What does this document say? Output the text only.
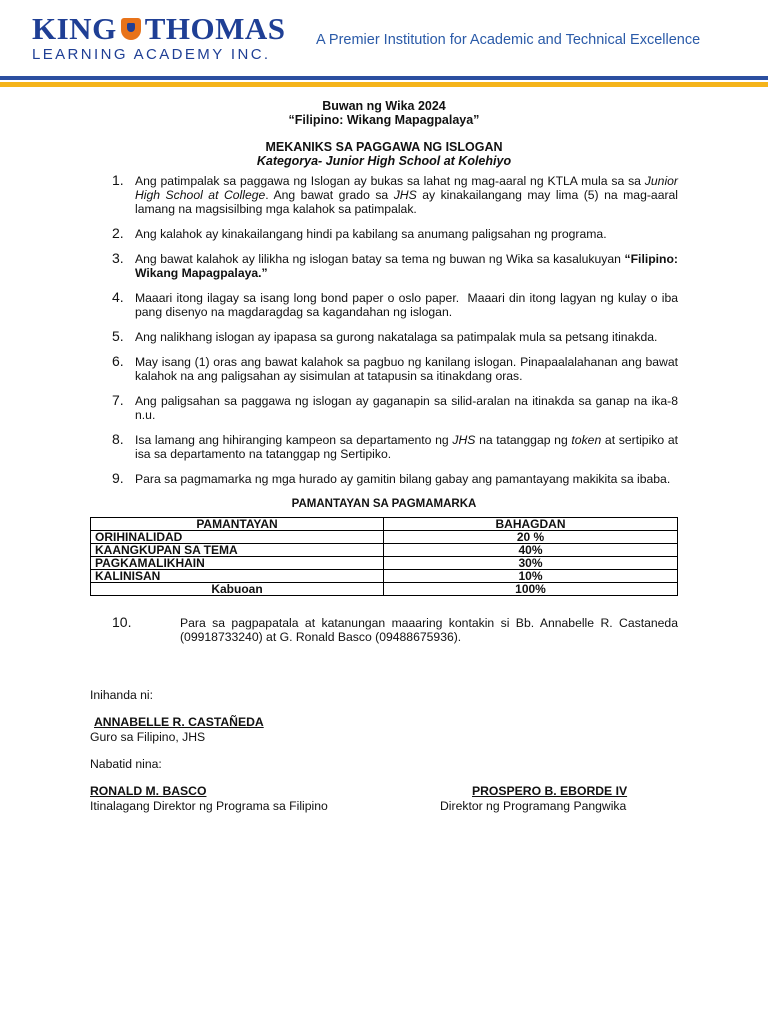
KING THOMAS
LEARNING ACADEMY INC.
A Premier Institution for Academic and Technical Excellence
Buwan ng Wika 2024
“Filipino: Wikang Mapagpalaya”
MEKANIKS SA PAGGAWA NG ISLOGAN
Kategorya- Junior High School at Kolehiyo
1. Ang patimpalak sa paggawa ng Islogan ay bukas sa lahat ng mag-aaral ng KTLA mula sa sa Junior High School at College. Ang bawat grado sa JHS ay kinakailangang may lima (5) na mag-aaral lamang na magsisilbing mga kalahok sa patimpalak.
2. Ang kalahok ay kinakailangang hindi pa kabilang sa anumang paligsahan ng programa.
3. Ang bawat kalahok ay lilikha ng islogan batay sa tema ng buwan ng Wika sa kasalukuyan “Filipino: Wikang Mapagpalaya.”
4. Maaari itong ilagay sa isang long bond paper o oslo paper.  Maaari din itong lagyan ng kulay o iba pang disenyo na magdaragdag sa kagandahan ng islogan.
5. Ang nalikhang islogan ay ipapasa sa gurong nakatalaga sa patimpalak mula sa petsang itinakda.
6. May isang (1) oras ang bawat kalahok sa pagbuo ng kanilang islogan. Pinapaalalahanan ang bawat kalahok na ang paligsahan ay sisimulan at tatapusin sa itinakdang oras.
7. Ang paligsahan sa paggawa ng islogan ay gaganapin sa silid-aralan na itinakda sa ganap na ika-8 n.u.
8. Isa lamang ang hihiranging kampeon sa departamento ng JHS na tatanggap ng token at sertipiko at isa sa departamento na tatanggap ng Sertipiko.
9. Para sa pagmamarka ng mga hurado ay gamitin bilang gabay ang pamantayang makikita sa ibaba.
PAMANTAYAN SA PAGMAMARKA
PAMANTAYAN	BAHAGDAN
ORIHINALIDAD	20 %
KAANGKUPAN SA TEMA	40%
PAGKAMALIKHAIN	30%
KALINISAN	10%
Kabuoan	100%
10.	Para sa pagpapatala at katanungan maaaring kontakin si Bb. Annabelle R. Castaneda (09918733240) at G. Ronald Basco (09488675936).
Inihanda ni:
ANNABELLE R. CASTAÑEDA
Guro sa Filipino, JHS
Nabatid nina:
RONALD M. BASCO
Itinalagang Direktor ng Programa sa Filipino
PROSPERO B. EBORDE IV
Direktor ng Programang Pangwika
